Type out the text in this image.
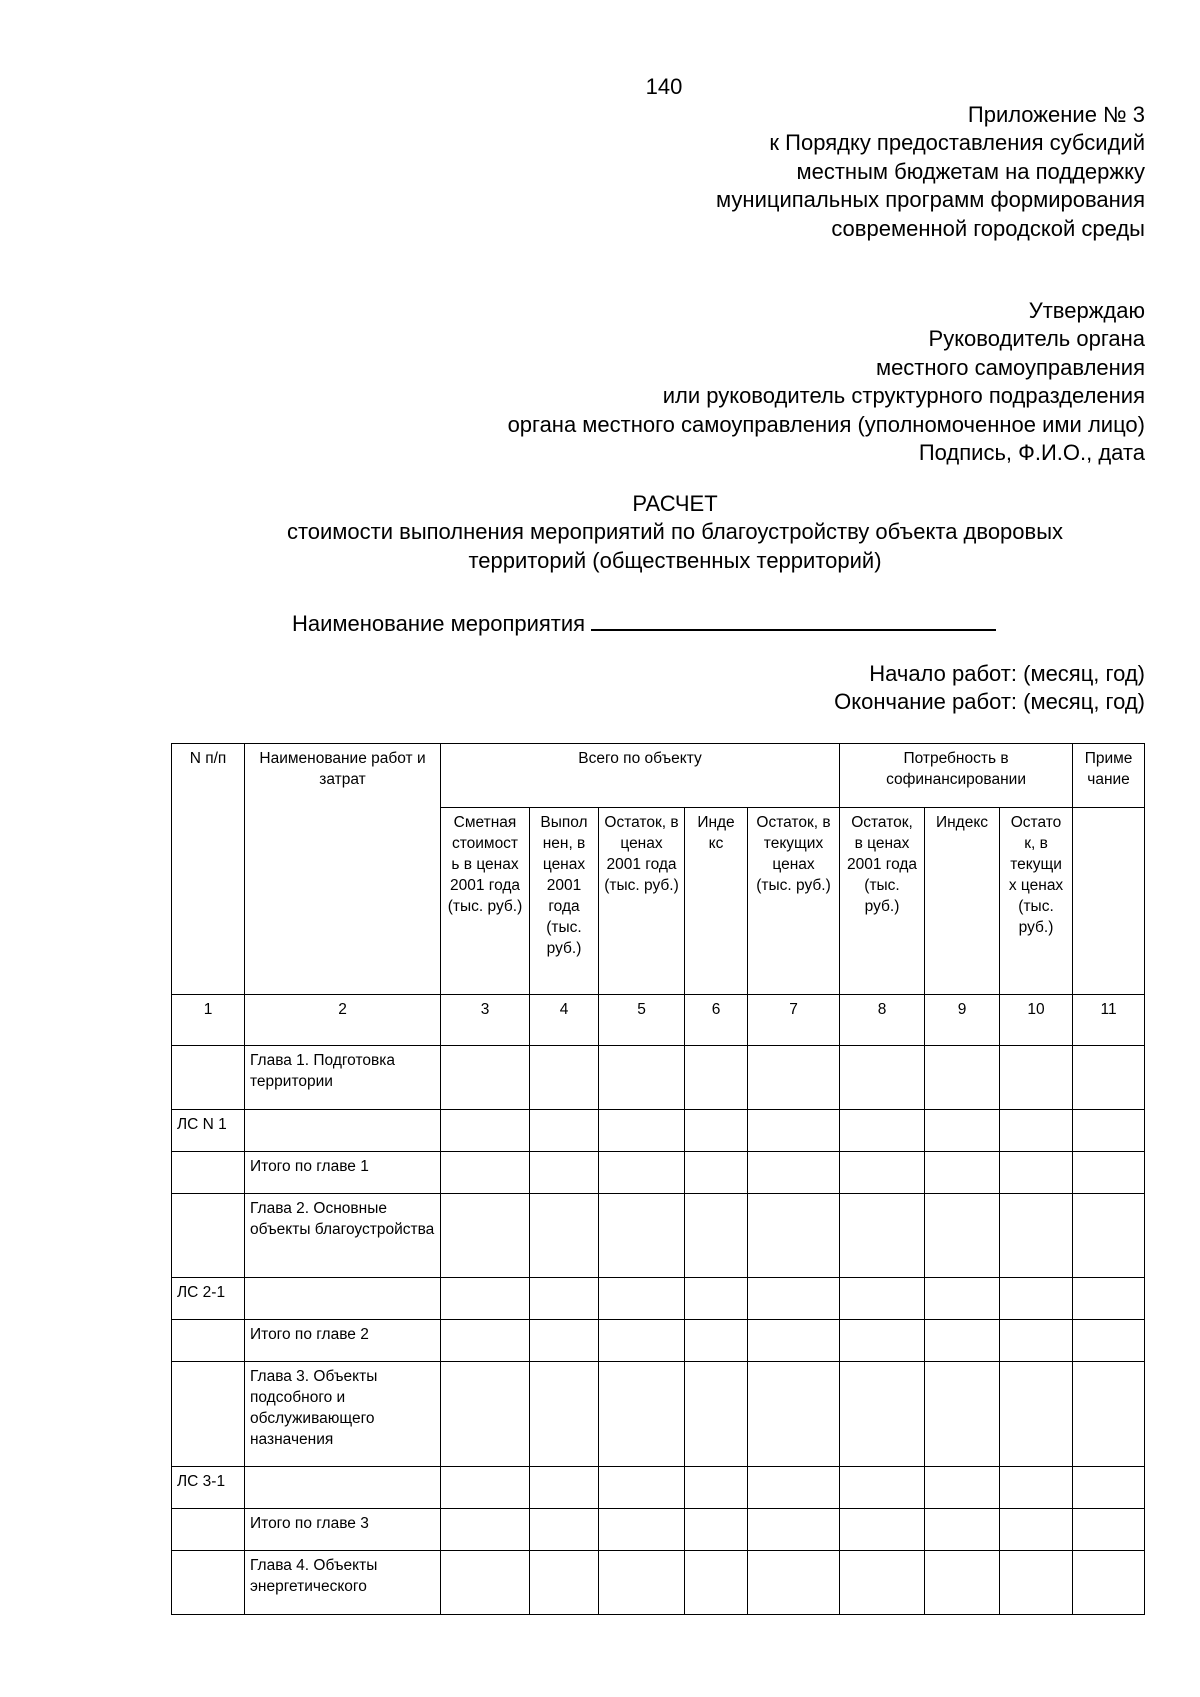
140
Приложение № 3
к Порядку предоставления субсидий
местным бюджетам на поддержку
муниципальных программ формирования
современной городской среды
Утверждаю
Руководитель органа
местного самоуправления
или руководитель структурного подразделения
органа местного самоуправления (уполномоченное ими лицо)
Подпись, Ф.И.О., дата
РАСЧЕТ
стоимости выполнения мероприятий по благоустройству объекта дворовых
территорий (общественных территорий)
Наименование мероприятия
Начало работ: (месяц, год)
Окончание работ: (месяц, год)
N п/п	Наименование работ и затрат	Всего по объекту					Потребность в софинансировании			Приме чание
		Сметная стоимост ь в ценах 2001 года (тыс. руб.)	Выпол нен, в ценах 2001 года (тыс. руб.)	Остаток, в ценах 2001 года (тыс. руб.)	Инде кс	Остаток, в текущих ценах (тыс. руб.)	Остаток, в ценах 2001 года (тыс. руб.)	Индекс	Остато к, в текущи х ценах (тыс. руб.)	
1	2	3	4	5	6	7	8	9	10	11
	Глава 1. Подготовка территории									
ЛС N 1										
	Итого по главе 1									
	Глава 2. Основные объекты благоустройства									
ЛС 2-1										
	Итого по главе 2									
	Глава 3. Объекты подсобного и обслуживающего назначения									
ЛС 3-1										
	Итого по главе 3									
	Глава 4. Объекты энергетического									
